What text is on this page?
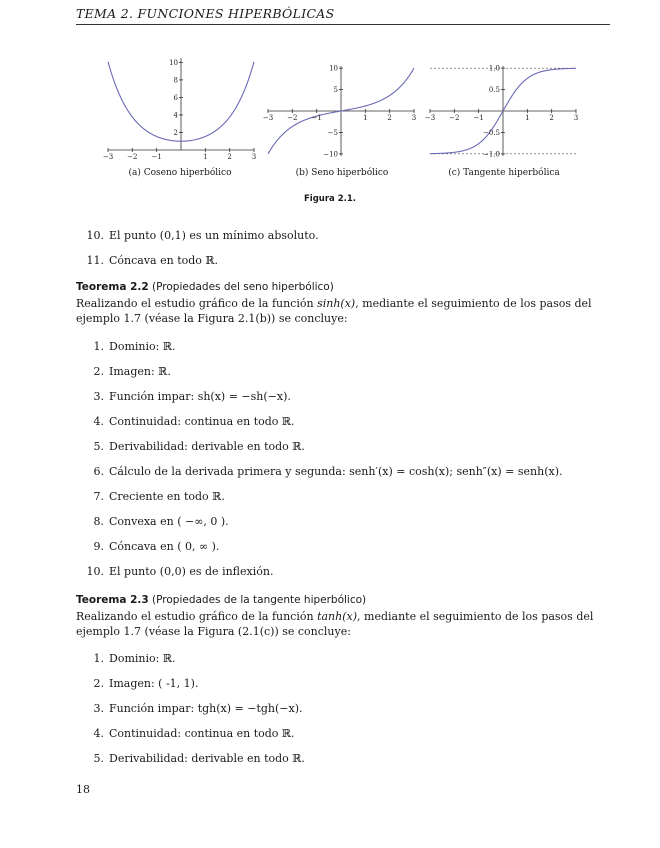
TEMA 2. FUNCIONES HIPERBÓLICAS
−3 −2 −1	1	2	3
2
4
6
8
10
−3 −2 −1	1	2	3
−10
−5
5
10
−3 −2 −1	1	2	3
−1.0
−0.5
0.5
1.0
(a) Coseno hiperbólico	(b) Seno hiperbólico	(c) Tangente hiperbólica
Figura 2.1.
10. El punto (0,1) es un mínimo absoluto.
11. Cóncava en todo ℝ.
Teorema 2.2 (Propiedades del seno hiperbólico)
Realizando el estudio gráfico de la función sinh(x), mediante el seguimiento de los pasos del ejemplo 1.7 (véase la Figura 2.1(b)) se concluye:
1. Dominio: ℝ.
2. Imagen: ℝ.
3. Función impar: sh(x) = −sh(−x).
4. Continuidad: continua en todo ℝ.
5. Derivabilidad: derivable en todo ℝ.
6. Cálculo de la derivada primera y segunda: senh′(x) = cosh(x); senh″(x) = senh(x).
7. Creciente en todo ℝ.
8. Convexa en ( −∞, 0 ).
9. Cóncava en ( 0, ∞ ).
10. El punto (0,0) es de inflexión.
Teorema 2.3 (Propiedades de la tangente hiperbólico)
Realizando el estudio gráfico de la función tanh(x), mediante el seguimiento de los pasos del ejemplo 1.7 (véase la Figura (2.1(c)) se concluye:
1. Dominio: ℝ.
2. Imagen: ( -1, 1).
3. Función impar: tgh(x) = −tgh(−x).
4. Continuidad: continua en todo ℝ.
5. Derivabilidad: derivable en todo ℝ.
18
